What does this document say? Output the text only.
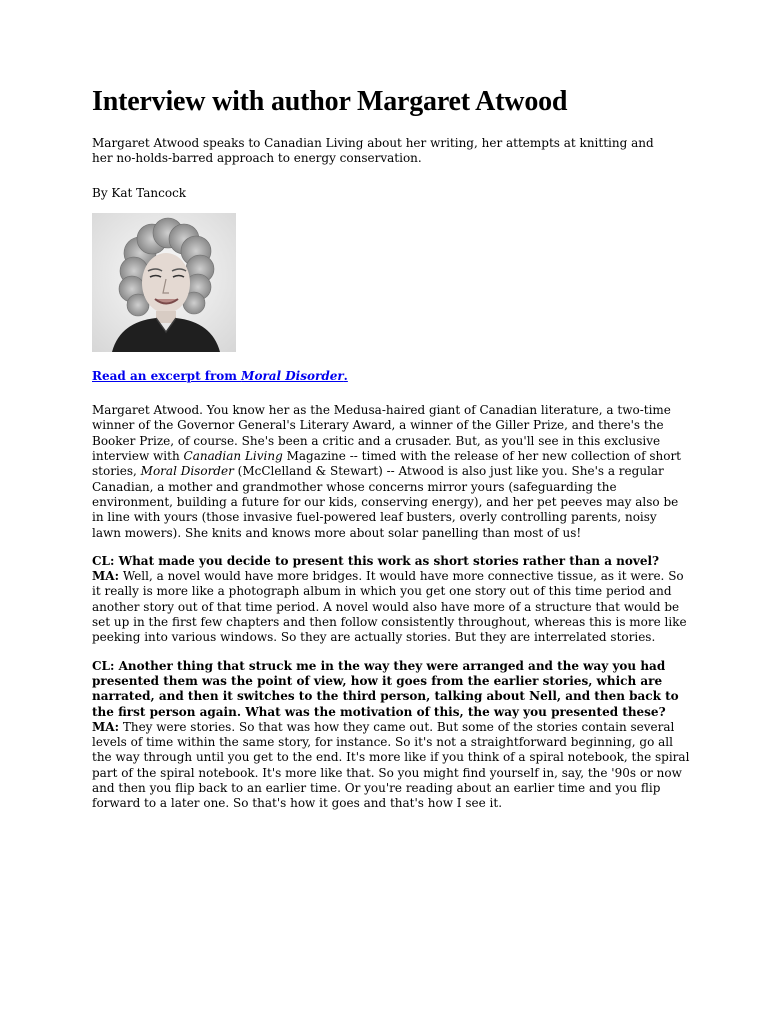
Interview with author Margaret Atwood

Margaret Atwood speaks to Canadian Living about her writing, her attempts at knitting and her no-holds-barred approach to energy conservation.

By Kat Tancock

Read an excerpt from Moral Disorder.

Margaret Atwood. You know her as the Medusa-haired giant of Canadian literature, a two-time winner of the Governor General's Literary Award, a winner of the Giller Prize, and there's the Booker Prize, of course. She's been a critic and a crusader. But, as you'll see in this exclusive interview with Canadian Living Magazine -- timed with the release of her new collection of short stories, Moral Disorder (McClelland & Stewart) -- Atwood is also just like you. She's a regular Canadian, a mother and grandmother whose concerns mirror yours (safeguarding the environment, building a future for our kids, conserving energy), and her pet peeves may also be in line with yours (those invasive fuel-powered leaf busters, overly controlling parents, noisy lawn mowers). She knits and knows more about solar panelling than most of us!

CL: What made you decide to present this work as short stories rather than a novel?
MA: Well, a novel would have more bridges. It would have more connective tissue, as it were. So it really is more like a photograph album in which you get one story out of this time period and another story out of that time period. A novel would also have more of a structure that would be set up in the first few chapters and then follow consistently throughout, whereas this is more like peeking into various windows. So they are actually stories. But they are interrelated stories.

CL: Another thing that struck me in the way they were arranged and the way you had presented them was the point of view, how it goes from the earlier stories, which are narrated, and then it switches to the third person, talking about Nell, and then back to the first person again. What was the motivation of this, the way you presented these?
MA: They were stories. So that was how they came out. But some of the stories contain several levels of time within the same story, for instance. So it's not a straightforward beginning, go all the way through until you get to the end. It's more like if you think of a spiral notebook, the spiral part of the spiral notebook. It's more like that. So you might find yourself in, say, the '90s or now and then you flip back to an earlier time. Or you're reading about an earlier time and you flip forward to a later one. So that's how it goes and that's how I see it.
